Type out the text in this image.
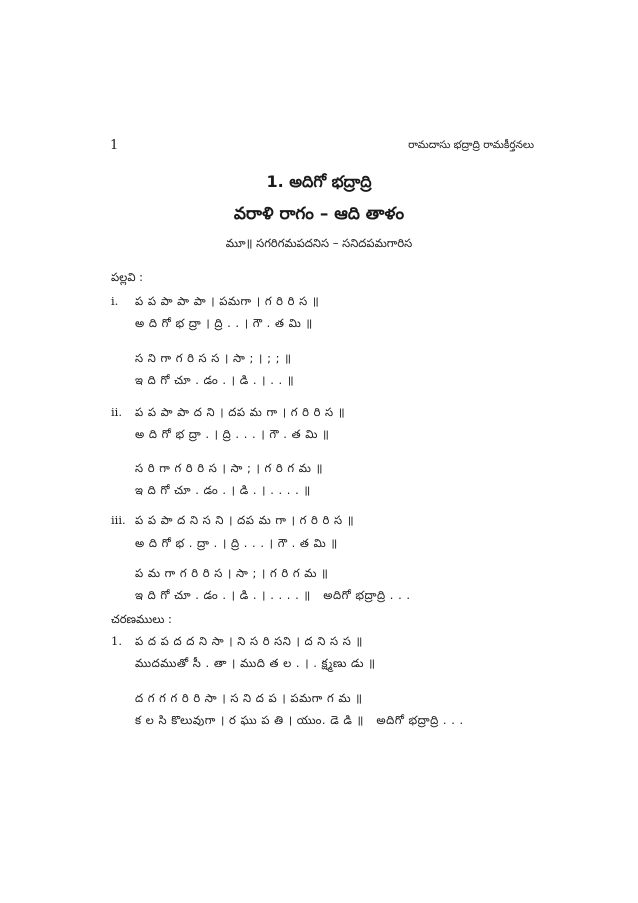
1	రామదాసు భద్రాద్రి రామకీర్తనలు
1. అదిగో భద్రాద్రి
వరాళి రాగం – ఆది తాళం
మూ॥ సగరిగమపదనిస – సనిదపమగారిస
పల్లవి :
i. ప ప పా పా పా । పమగా । గ రి రి స ॥
అ ది గో భ ద్రా । ద్రి . . । గౌ . త మి ॥
స ని గా గ రి స స । సా ; । ; ; ॥
ఇ ది గో చూ . డం . । డి . । . . ॥
ii. ప ప పా పా ద ని । దప మ గా । గ రి రి స ॥
అ ది గో భ ద్రా . । ద్రి . . . । గౌ . త మి ॥
స రి గా గ రి రి స । సా ; । గ రి గ మ ॥
ఇ ది గో చూ . డం . । డి . । . . . . ॥
iii. ప ప పా ద ని స ని । దప మ గా । గ రి రి స ॥
అ ది గో భ . ద్రా . । ద్రి . . . । గౌ . త మి ॥
ప మ గా గ రి రి స । సా ; । గ రి గ మ ॥
ఇ ది గో చూ . డం . । డి . । . . . . ॥   అదిగో భద్రాద్రి . . .
చరణములు :
1. ప ద ప ద ద ని సా । ని స రి సని । ద ని స స ॥
ముదముతో సీ . తా । ముది త ల . । . క్ష్మణు డు ॥
ద గ గ గ రి రి సా । స ని ద ప । పమగా గ మ ॥
క ల సి కొలువుగా । ర ఘు ప తి । యుం. డె డి ॥   అదిగో భద్రాద్రి . . .
